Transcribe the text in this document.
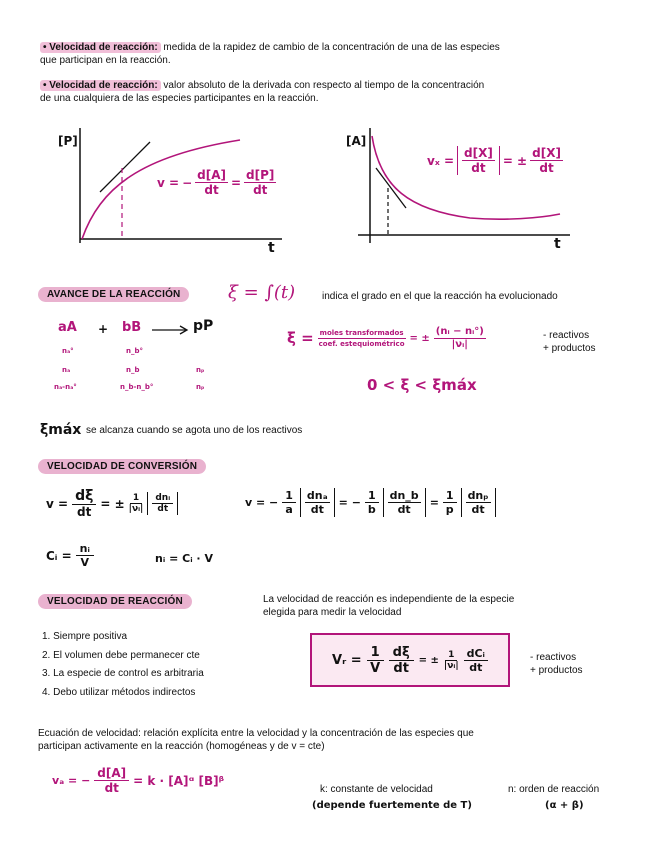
• Velocidad de reacción: medida de la rapidez de cambio de la concentración de una de las especies
que participan en la reacción.
• Velocidad de reacción: valor absoluto de la derivada con respecto al tiempo de la concentración
de una cualquiera de las especies participantes en la reacción.
[P]
t
v = − $\frac{d[A]}{dt} = \frac{d[P]}{dt}$
[A]
t
$v_x = \frac{d[X]}{dt}$ = ± $\frac{d[X]}{dt}$
AVANCE DE LA REACCIÓN	ξ = ∫(t)	indica el grado en el que la reacción ha evolucionado
aA + bB → pP
nₐ°	n_b°
nₐ	n_b	nₚ
nₐ-nₐ°	n_b-n_b°	nₚ
ξ = moles transformados
coef. estequiométrico = ± $\frac{\text{(nᵢ − nᵢ°)}}{\text{|νᵢ|}}$
0 < ξ < ξmáx
- reactivos
+ productos
ξmáx se alcanza cuando se agota uno de los reactivos
VELOCIDAD DE CONVERSIÓN
$v = \frac{d\xi}{dt}$ = ± $\frac{1}{\text{|νᵢ|}}$	dnᵢ
dt	v = − $\frac{1}{a}$ dnₐ
dt
= − $\frac{1}{b} \frac{dn\_b}{dt} = \frac{1}{p}$ dnₚ
dt
Cᵢ = $\frac{\text{nᵢ}}{V}$	nᵢ = Cᵢ · V
VELOCIDAD DE REACCIÓN	La velocidad de reacción es independiente de la especie
elegida para medir la velocidad
1. Siempre positiva
2. El volumen debe permanecer cte
3. La especie de control es arbitraria
4. Debo utilizar métodos indirectos
Vᵣ = $\frac{1}{V} \frac{d\xi}{dt}$ = ± $\frac{1}{\text{|νᵢ|}}$ dCᵢ
dt
- reactivos
+ productos
Ecuación de velocidad: relación explícita entre la velocidad y la concentración de las especies que
participan activamente en la reacción (homogéneas y de v = cte)
vₐ = − $\frac{d[A]}{dt} = k$ · [A]ᵅ [B]ᵝ
k: constante de velocidad
(depende fuertemente de T)
n: orden de reacción
(α + β)
